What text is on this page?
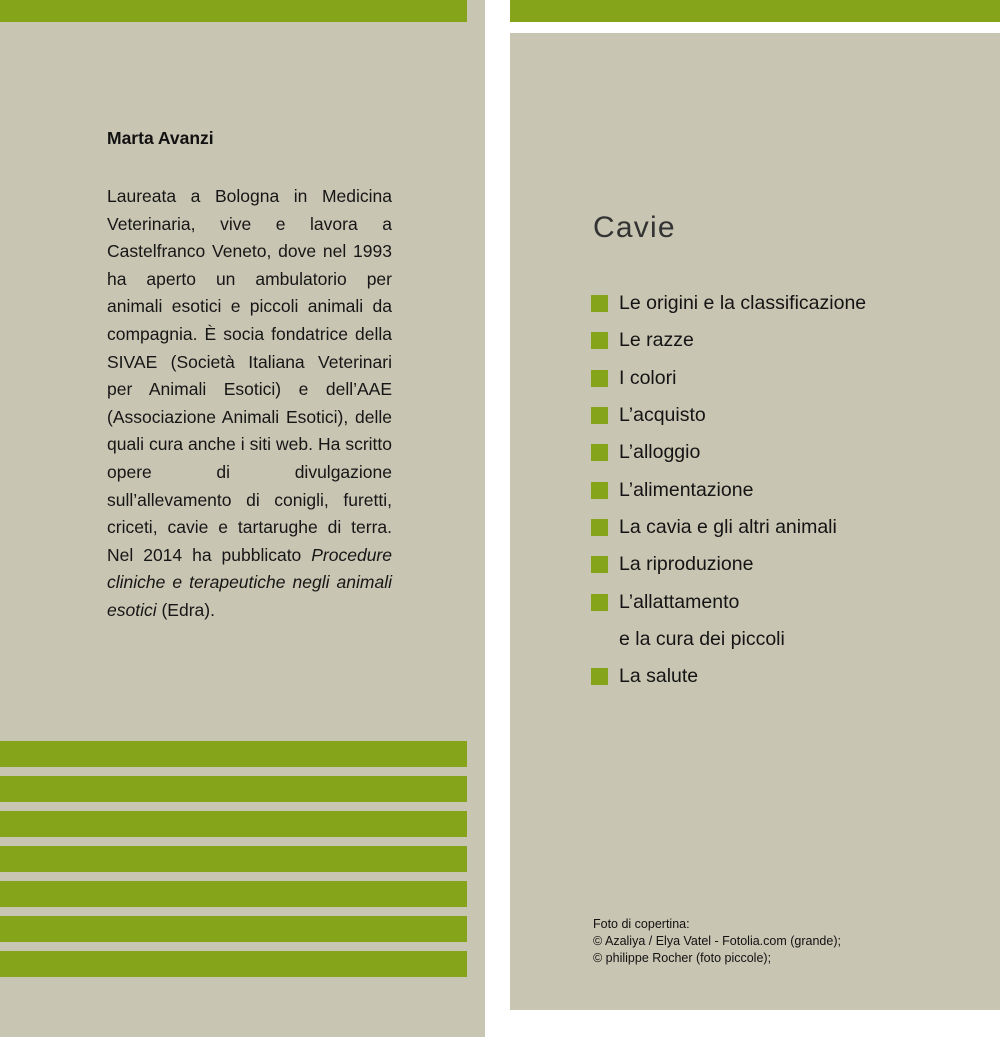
Marta Avanzi

Laureata a Bologna in Medicina Veterinaria, vive e lavora a Castelfranco Veneto, dove nel 1993 ha aperto un ambulatorio per animali esotici e piccoli animali da compagnia. È socia fondatrice della SIVAE (Società Italiana Veterinari per Animali Esotici) e dell’AAE (Associazione Animali Esotici), delle quali cura anche i siti web. Ha scritto opere di divulgazione sull’allevamento di conigli, furetti, criceti, cavie e tartarughe di terra. Nel 2014 ha pubblicato Procedure cliniche e terapeutiche negli animali esotici (Edra).

Cavie
Le origini e la classificazione
Le razze
I colori
L’acquisto
L’alloggio
L’alimentazione
La cavia e gli altri animali
La riproduzione
L’allattamento
e la cura dei piccoli
La salute
Foto di copertina:
© Azaliya / Elya Vatel - Fotolia.com (grande);
© philippe Rocher (foto piccole);
